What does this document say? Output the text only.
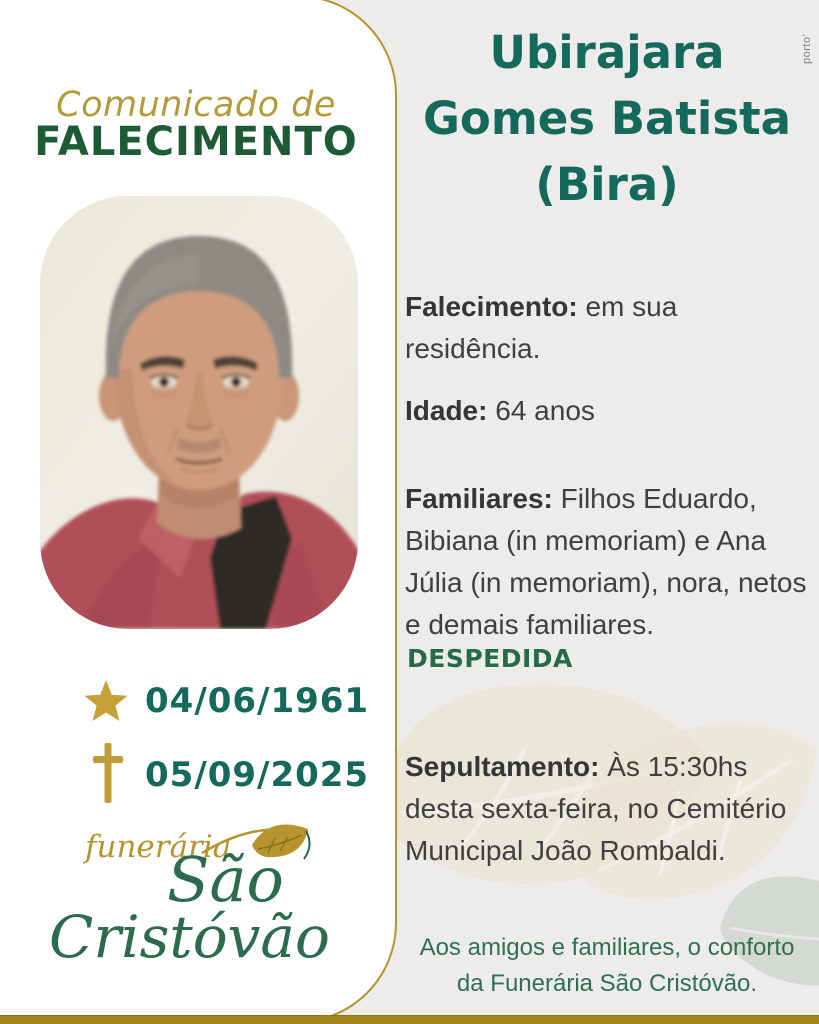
Ubirajara
Gomes Batista
(Bira)

Falecimento: em sua residência.

Idade: 64 anos

Familiares: Filhos Eduardo, Bibiana (in memoriam) e Ana Júlia (in memoriam), nora, netos e demais familiares.

DESPEDIDA

Sepultamento: Às 15:30hs desta sexta-feira, no Cemitério Municipal João Rombaldi.

Aos amigos e familiares, o conforto
da Funerária São Cristóvão.
Comunicado de
FALECIMENTO
04/06/1961
05/09/2025
funerária
São
Cristóvão
porto’
